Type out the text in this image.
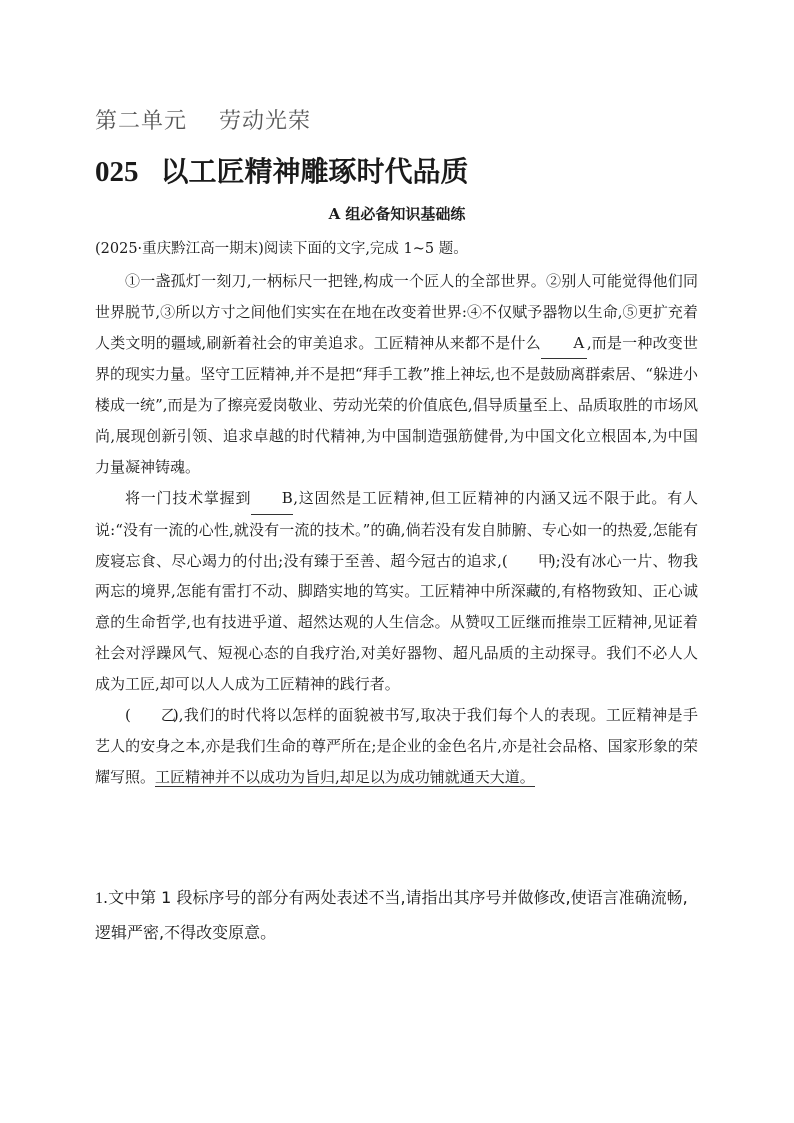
第二单元    劳动光荣
025 以工匠精神雕琢时代品质
A 组必备知识基础练
(2025·重庆黔江高一期末)阅读下面的文字,完成 1~5 题。

①一盏孤灯一刻刀,一柄标尺一把锉,构成一个匠人的全部世界。②别人可能觉得他们同世界脱节,③所以方寸之间他们实实在在地在改变着世界:④不仅赋予器物以生命,⑤更扩充着人类文明的疆域,刷新着社会的审美追求。工匠精神从来都不是什么 A ,而是一种改变世界的现实力量。坚守工匠精神,并不是把“拜手工教”推上神坛,也不是鼓励离群索居、“躲进小楼成一统”,而是为了擦亮爱岗敬业、劳动光荣的价值底色,倡导质量至上、品质取胜的市场风尚,展现创新引领、追求卓越的时代精神,为中国制造强筋健骨,为中国文化立根固本,为中国力量凝神铸魂。

将一门技术掌握到 B,这固然是工匠精神,但工匠精神的内涵又远不限于此。有人说:“没有一流的心性,就没有一流的技术。”的确,倘若没有发自肺腑、专心如一的热爱,怎能有废寝忘食、尽心竭力的付出;没有臻于至善、超今冠古的追求,( 甲);没有冰心一片、物我两忘的境界,怎能有雷打不动、脚踏实地的笃实。工匠精神中所深藏的,有格物致知、正心诚意的生命哲学,也有技进乎道、超然达观的人生信念。从赞叹工匠继而推崇工匠精神,见证着社会对浮躁风气、短视心态的自我疗治,对美好器物、超凡品质的主动探寻。我们不必人人成为工匠,却可以人人成为工匠精神的践行者。

( 乙),我们的时代将以怎样的面貌被书写,取决于我们每个人的表现。工匠精神是手艺人的安身之本,亦是我们生命的尊严所在;是企业的金色名片,亦是社会品格、国家形象的荣耀写照。工匠精神并不以成功为旨归,却足以为成功铺就通天大道。

1.文中第 1 段标序号的部分有两处表述不当,请指出其序号并做修改,使语言准确流畅,逻辑严密,不得改变原意。
